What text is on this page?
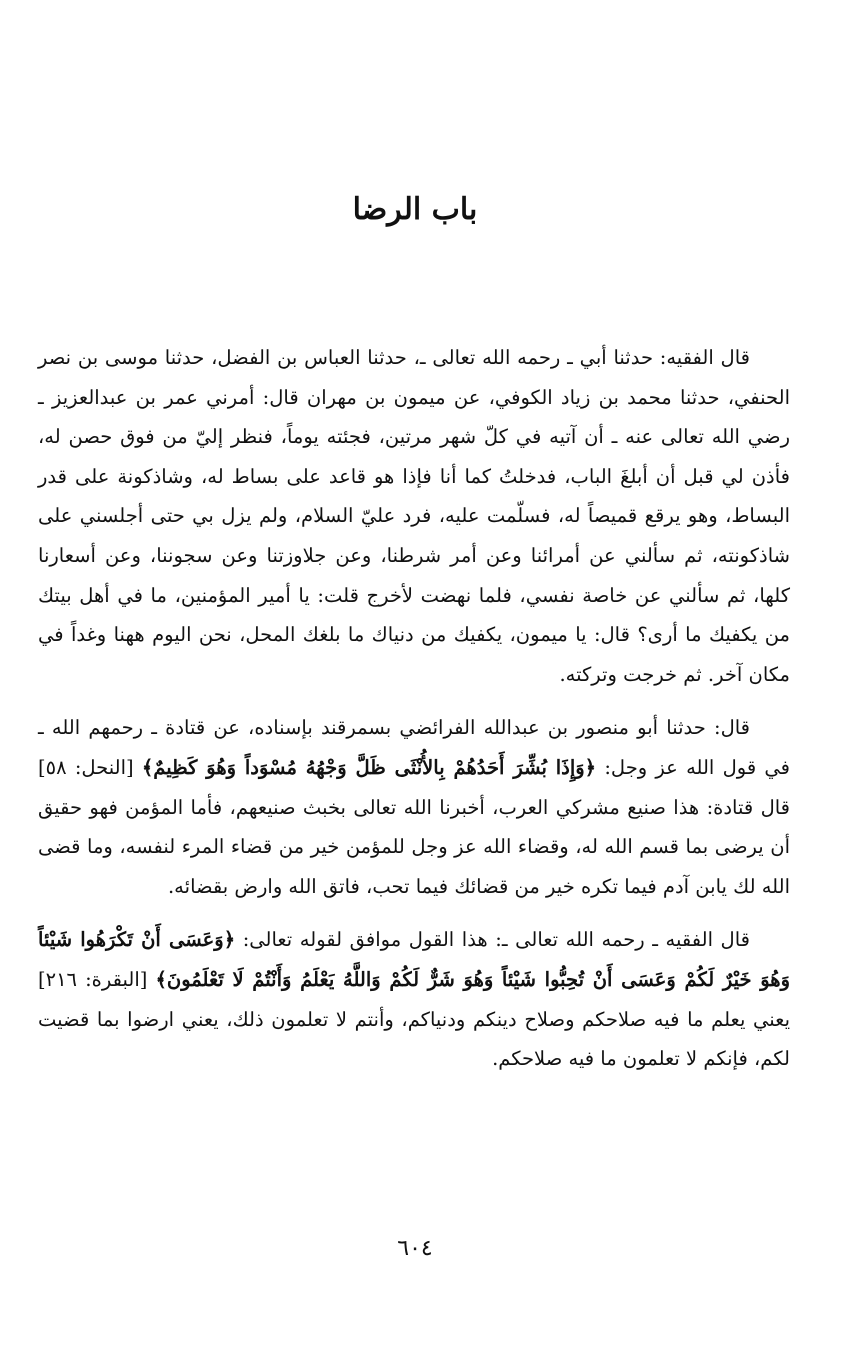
باب الرضا

قال الفقيه: حدثنا أبي ـ رحمه الله تعالى ـ، حدثنا العباس بن الفضل، حدثنا موسى بن نصر الحنفي، حدثنا محمد بن زياد الكوفي، عن ميمون بن مهران قال: أمرني عمر بن عبدالعزيز ـ رضي الله تعالى عنه ـ أن آتيه في كلّ شهر مرتين، فجئته يوماً، فنظر إليّ من فوق حصن له، فأذن لي قبل أن أبلغَ الباب، فدخلتُ كما أنا فإذا هو قاعد على بساط له، وشاذكونة على قدر البساط، وهو يرقع قميصاً له، فسلّمت عليه، فرد عليّ السلام، ولم يزل بي حتى أجلسني على شاذكونته، ثم سألني عن أمرائنا وعن أمر شرطنا، وعن جلاوزتنا وعن سجوننا، وعن أسعارنا كلها، ثم سألني عن خاصة نفسي، فلما نهضت لأخرج قلت: يا أمير المؤمنين، ما في أهل بيتك من يكفيك ما أرى؟ قال: يا ميمون، يكفيك من دنياك ما بلغك المحل، نحن اليوم ههنا وغداً في مكان آخر. ثم خرجت وتركته.

قال: حدثنا أبو منصور بن عبدالله الفرائضي بسمرقند بإسناده، عن قتادة ـ رحمهم الله ـ في قول الله عز وجل: ﴿وَإِذَا بُشِّرَ أَحَدُهُمْ بِالأُنْثَى ظَلَّ وَجْهُهُ مُسْوَداً وَهُوَ كَظِيمٌ﴾ [النحل: ٥٨] قال قتادة: هذا صنيع مشركي العرب، أخبرنا الله تعالى بخبث صنيعهم، فأما المؤمن فهو حقيق أن يرضى بما قسم الله له، وقضاء الله عز وجل للمؤمن خير من قضاء المرء لنفسه، وما قضى الله لك يابن آدم فيما تكره خير من قضائك فيما تحب، فاتق الله وارض بقضائه.

قال الفقيه ـ رحمه الله تعالى ـ: هذا القول موافق لقوله تعالى: ﴿وَعَسَى أَنْ تَكْرَهُوا شَيْئاً وَهُوَ خَيْرٌ لَكُمْ وَعَسَى أَنْ تُحِبُّوا شَيْئاً وَهُوَ شَرٌّ لَكُمْ وَاللَّهُ يَعْلَمُ وَأَنْتُمْ لَا تَعْلَمُونَ﴾ [البقرة: ٢١٦] يعني يعلم ما فيه صلاحكم وصلاح دينكم ودنياكم، وأنتم لا تعلمون ذلك، يعني ارضوا بما قضيت لكم، فإنكم لا تعلمون ما فيه صلاحكم.

٦٠٤
